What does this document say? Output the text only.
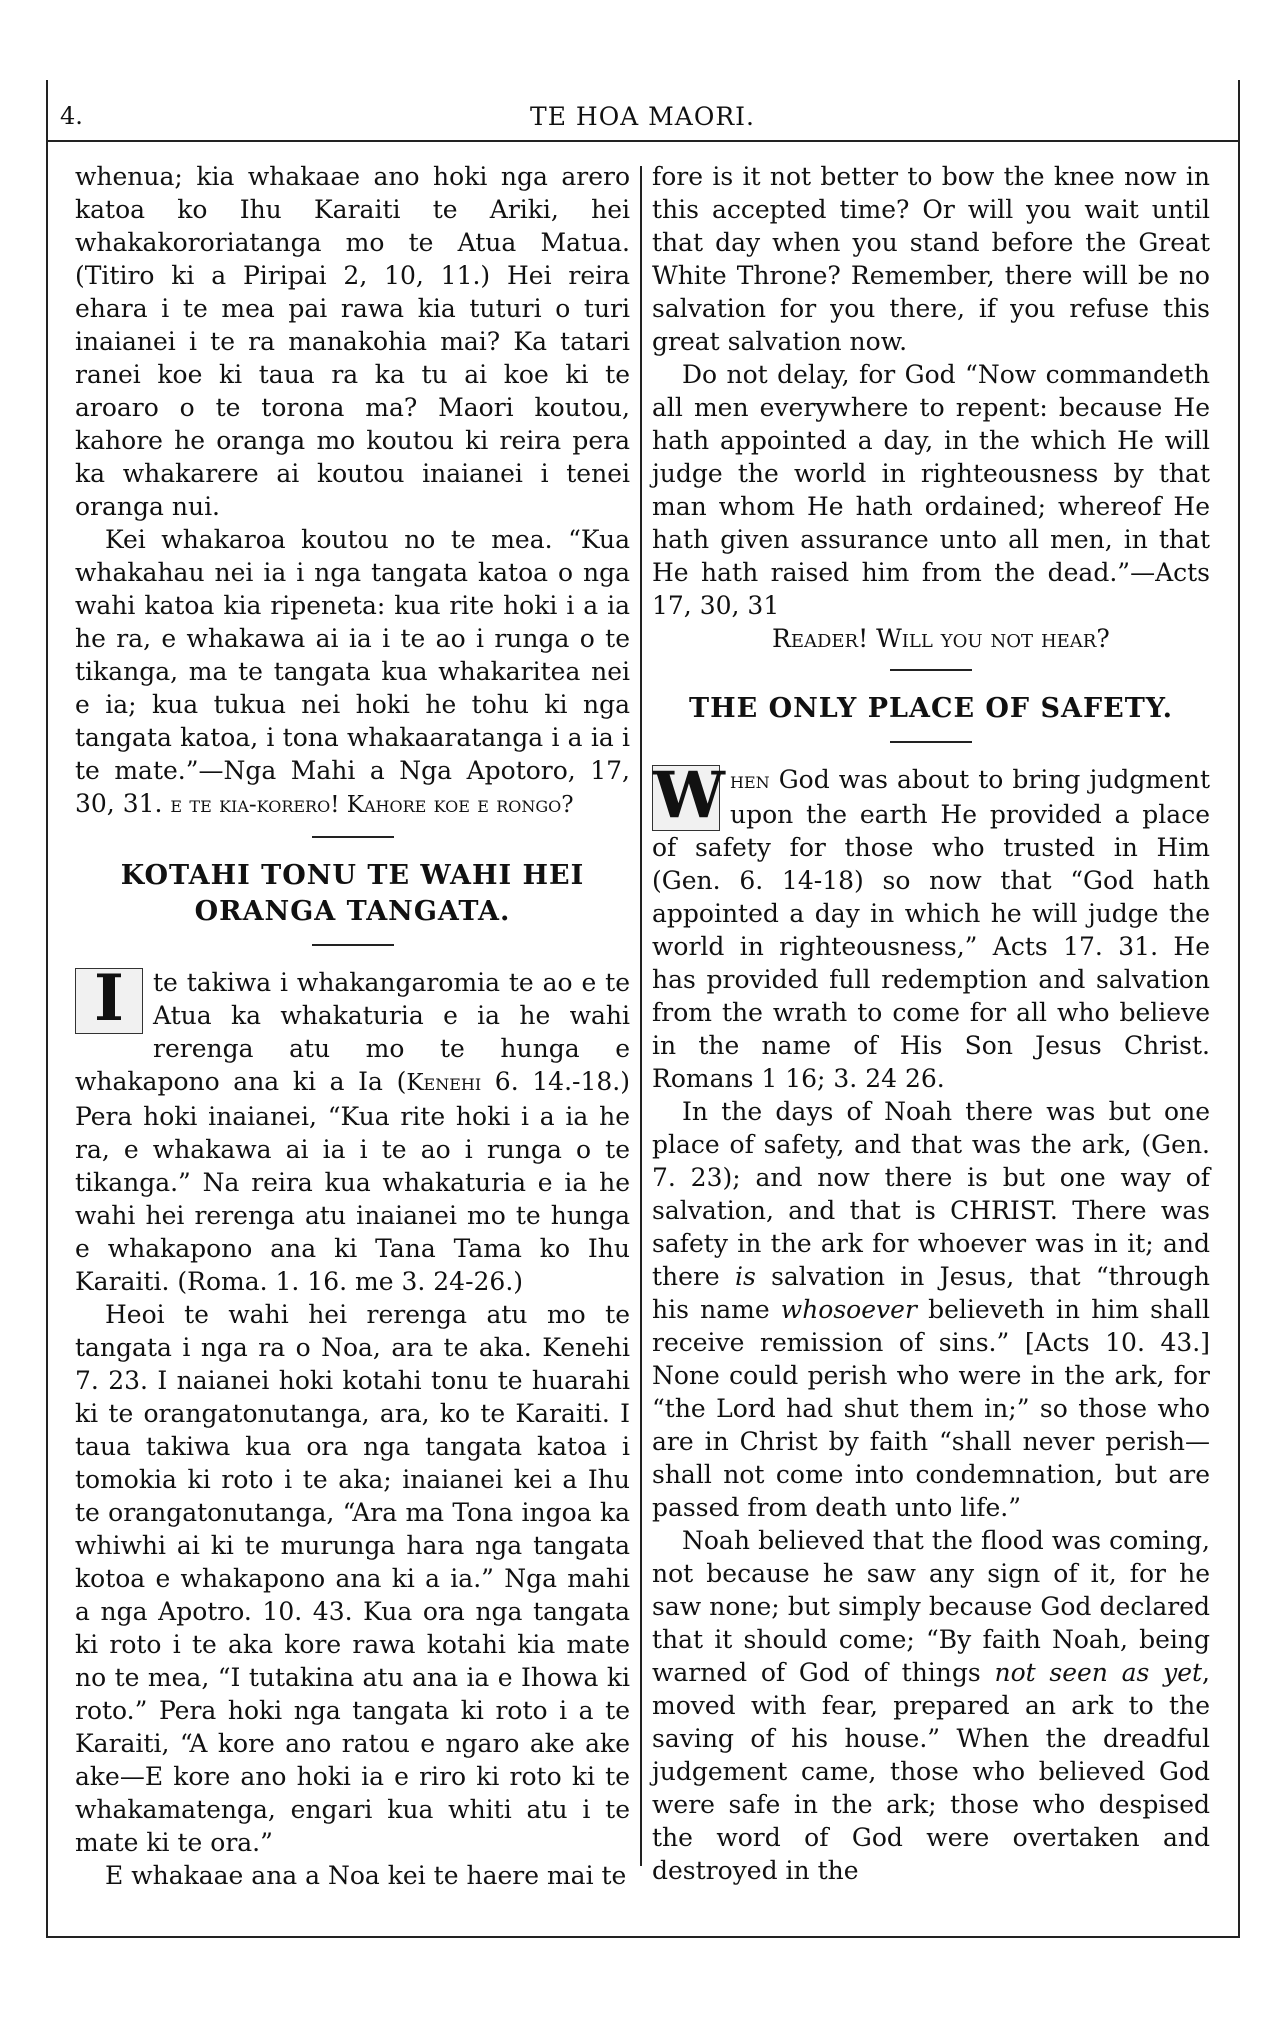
4.	TE HOA MAORI.

whenua; kia whakaae ano hoki nga arero katoa ko Ihu Karaiti te Ariki, hei whakakororiatanga mo te Atua Matua. (Titiro ki a Piripai 2, 10, 11.) Hei reira ehara i te mea pai rawa kia tuturi o turi inaianei i te ra manakohia mai? Ka tatari ranei koe ki taua ra ka tu ai koe ki te aroaro o te torona ma? Maori koutou, kahore he oranga mo koutou ki reira pera ka whakarere ai koutou inaianei i tenei oranga nui.

Kei whakaroa koutou no te mea. “Kua whakahau nei ia i nga tangata katoa o nga wahi katoa kia ripeneta: kua rite hoki i a ia he ra, e whakawa ai ia i te ao i runga o te tikanga, ma te tangata kua whakaritea nei e ia; kua tukua nei hoki he tohu ki nga tangata katoa, i tona whakaaratanga i a ia i te mate.”—Nga Mahi a Nga Apotoro, 17, 30, 31. e te kia-korero! Kahore koe e rongo?

KOTAHI TONU TE WAHI HEI ORANGA TANGATA.

I	te takiwa i whakangaromia te ao e te Atua ka whakaturia e ia he wahi rerenga atu mo te hunga e whakapono ana ki a Ia (Kenehi 6. 14.-18.) Pera hoki inaianei, “Kua rite hoki i a ia he ra, e whakawa ai ia i te ao i runga o te tikanga.” Na reira kua whakaturia e ia he wahi hei rerenga atu inaianei mo te hunga e whakapono ana ki Tana Tama ko Ihu Karaiti. (Roma. 1. 16. me 3. 24-26.)

Heoi te wahi hei rerenga atu mo te tangata i nga ra o Noa, ara te aka. Kenehi 7. 23. I naianei hoki kotahi tonu te huarahi ki te orangatonutanga, ara, ko te Karaiti. I taua takiwa kua ora nga tangata katoa i tomokia ki roto i te aka; inaianei kei a Ihu te orangatonutanga, “Ara ma Tona ingoa ka whiwhi ai ki te murunga hara nga tangata kotoa e whakapono ana ki a ia.” Nga mahi a nga Apotro. 10. 43. Kua ora nga tangata ki roto i te aka kore rawa kotahi kia mate no te mea, “I tutakina atu ana ia e Ihowa ki roto.” Pera hoki nga tangata ki roto i a te Karaiti, “A kore ano ratou e ngaro ake ake ake—E kore ano hoki ia e riro ki roto ki te whakamatenga, engari kua whiti atu i te mate ki te ora.”

E whakaae ana a Noa kei te haere mai te

fore is it not better to bow the knee now in this accepted time? Or will you wait until that day when you stand before the Great White Throne? Remember, there will be no salvation for you there, if you refuse this great salvation now.

Do not delay, for God “Now commandeth all men everywhere to repent: because He hath appointed a day, in the which He will judge the world in righteousness by that man whom He hath ordained; whereof He hath given assurance unto all men, in that He hath raised him from the dead.”—Acts 17, 30, 31

Reader! Will you not hear?

THE ONLY PLACE OF SAFETY.

W hen God was about to bring judgment upon the earth He provided a place of safety for those who trusted in Him (Gen. 6. 14-18) so now that “God hath appointed a day in which he will judge the world in righteousness,” Acts 17. 31. He has provided full redemption and salvation from the wrath to come for all who believe in the name of His Son Jesus Christ. Romans 1 16; 3. 24 26.

In the days of Noah there was but one place of safety, and that was the ark, (Gen. 7. 23); and now there is but one way of salvation, and that is CHRIST. There was safety in the ark for whoever was in it; and there is salvation in Jesus, that “through his name whosoever believeth in him shall receive remission of sins.” [Acts 10. 43.] None could perish who were in the ark, for “the Lord had shut them in;” so those who are in Christ by faith “shall never perish—shall not come into condemnation, but are passed from death unto life.”

Noah believed that the flood was coming, not because he saw any sign of it, for he saw none; but simply because God declared that it should come; “By faith Noah, being warned of God of things not seen as yet, moved with fear, prepared an ark to the saving of his house.” When the dreadful judgement came, those who believed God were safe in the ark; those who despised the word of God were overtaken and destroyed in the
